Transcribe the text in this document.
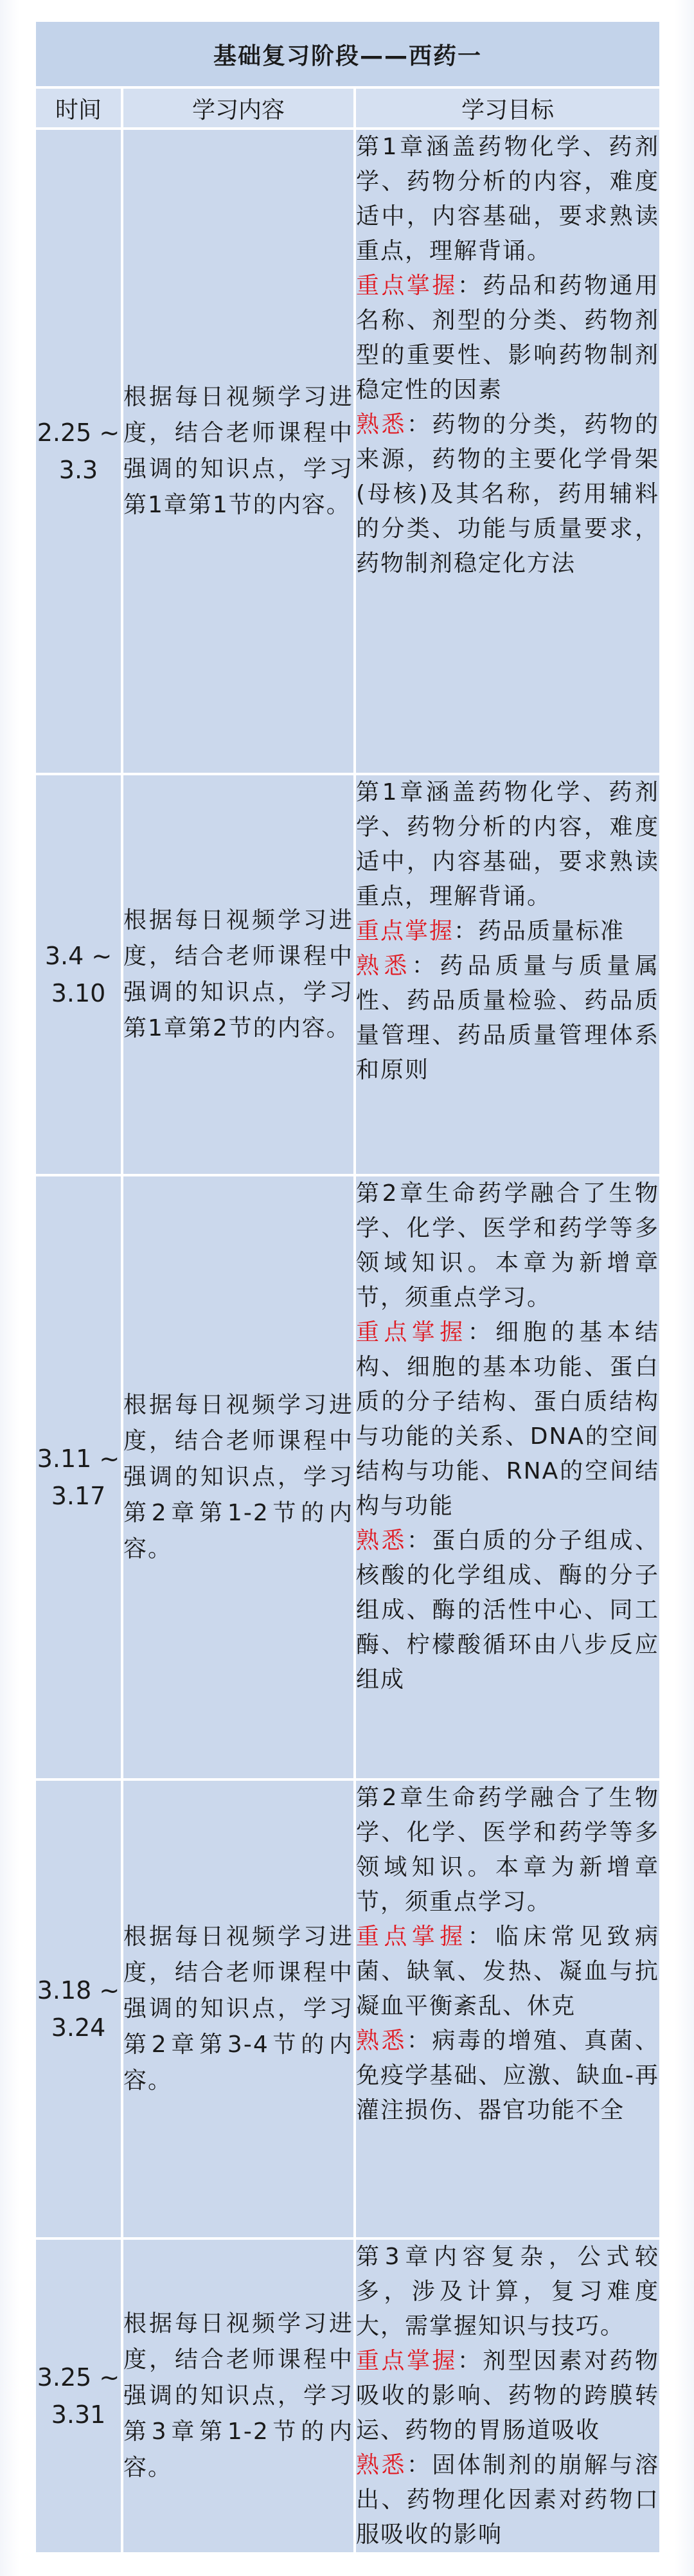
基础复习阶段——西药一		
时间	学习内容	学习目标
2.25 ~ 3.3	根据每日视频学习进度，结合老师课程中强调的知识点，学习第1章第1节的内容。	第1章涵盖药物化学、药剂学、药物分析的内容，难度适中，内容基础，要求熟读重点，理解背诵。

重点掌握：药品和药物通用名称、剂型的分类、药物剂型的重要性、影响药物制剂稳定性的因素

熟悉：药物的分类，药物的来源，药物的主要化学骨架(母核)及其名称，药用辅料的分类、功能与质量要求，药物制剂稳定化方法

3.4 ~ 3.10	根据每日视频学习进度，结合老师课程中强调的知识点，学习第1章第2节的内容。	第1章涵盖药物化学、药剂学、药物分析的内容，难度适中，内容基础，要求熟读重点，理解背诵。

重点掌握：药品质量标准

熟悉：药品质量与质量属性、药品质量检验、药品质量管理、药品质量管理体系和原则

3.11 ~ 3.17	根据每日视频学习进度，结合老师课程中强调的知识点，学习第2章第1-2节的内容。	第2章生命药学融合了生物学、化学、医学和药学等多领域知识。本章为新增章节，须重点学习。

重点掌握：细胞的基本结构、细胞的基本功能、蛋白质的分子结构、蛋白质结构与功能的关系、DNA的空间结构与功能、RNA的空间结构与功能

熟悉：蛋白质的分子组成、核酸的化学组成、酶的分子组成、酶的活性中心、同工酶、柠檬酸循环由八步反应组成

3.18 ~ 3.24	根据每日视频学习进度，结合老师课程中强调的知识点，学习第2章第3-4节的内容。	第2章生命药学融合了生物学、化学、医学和药学等多领域知识。本章为新增章节，须重点学习。

重点掌握：临床常见致病菌、缺氧、发热、凝血与抗凝血平衡紊乱、休克

熟悉：病毒的增殖、真菌、免疫学基础、应激、缺血-再灌注损伤、器官功能不全

3.25 ~ 3.31	根据每日视频学习进度，结合老师课程中强调的知识点，学习第3章第1-2节的内容。	第3章内容复杂，公式较多，涉及计算，复习难度大，需掌握知识与技巧。

重点掌握：剂型因素对药物吸收的影响、药物的跨膜转运、药物的胃肠道吸收

熟悉：固体制剂的崩解与溶出、药物理化因素对药物口服吸收的影响
